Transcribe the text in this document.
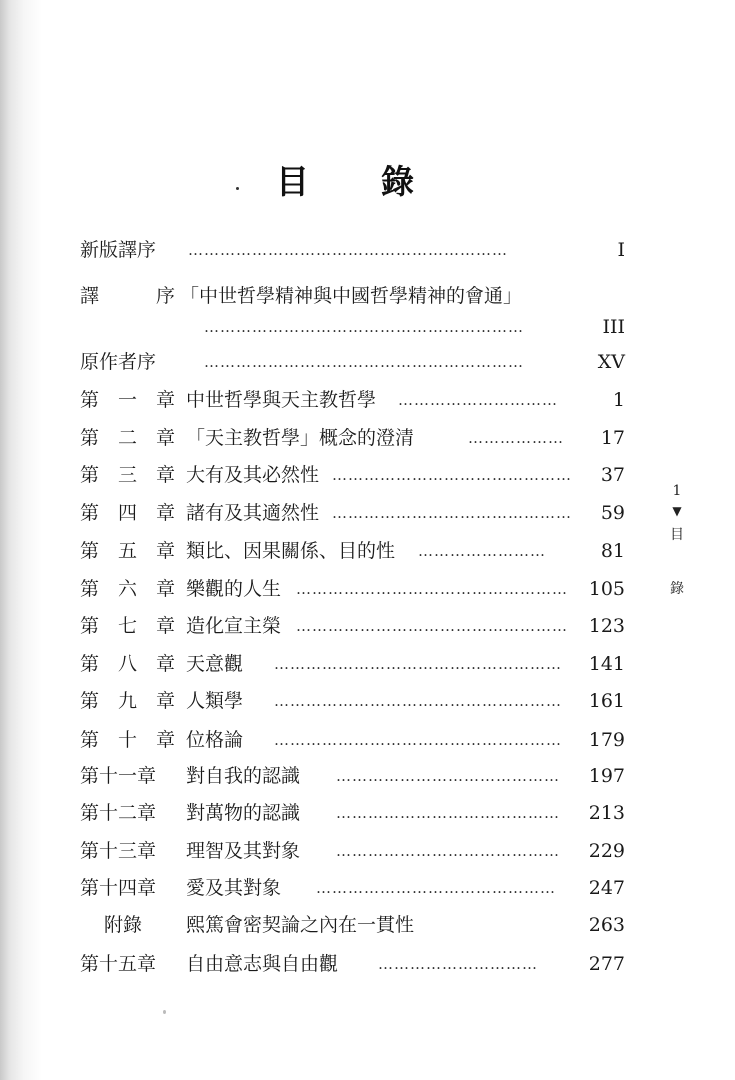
目錄
新版譯序	……………………………………………………	I
譯	序 「中世哲學精神與中國哲學精神的會通」
……………………………………………………	III
原作者序	……………………………………………………	XV
第 一 章 中世哲學與天主教哲學 …………………………	1
第 二 章 「天主教哲學」概念的澄清	………………	17
第 三 章 大有及其必然性 ………………………………………	37
第 四 章 諸有及其適然性 ………………………………………	59
第 五 章 類比、因果關係、目的性 ……………………	81
第 六 章 樂觀的人生 ……………………………………………	105
第 七 章 造化宣主榮 ……………………………………………	123
第 八 章 天意觀 ………………………………………………	141
第 九 章 人類學 ………………………………………………	161
第 十 章 位格論 ………………………………………………	179
第十一章	對自我的認識 ……………………………………	197
第十二章	對萬物的認識 ……………………………………	213
第十三章	理智及其對象 ……………………………………	229
第十四章	愛及其對象 ………………………………………	247
附錄	熙篤會密契論之內在一貫性	263
第十五章	自由意志與自由觀	…………………………	277
1
▼
目
錄
